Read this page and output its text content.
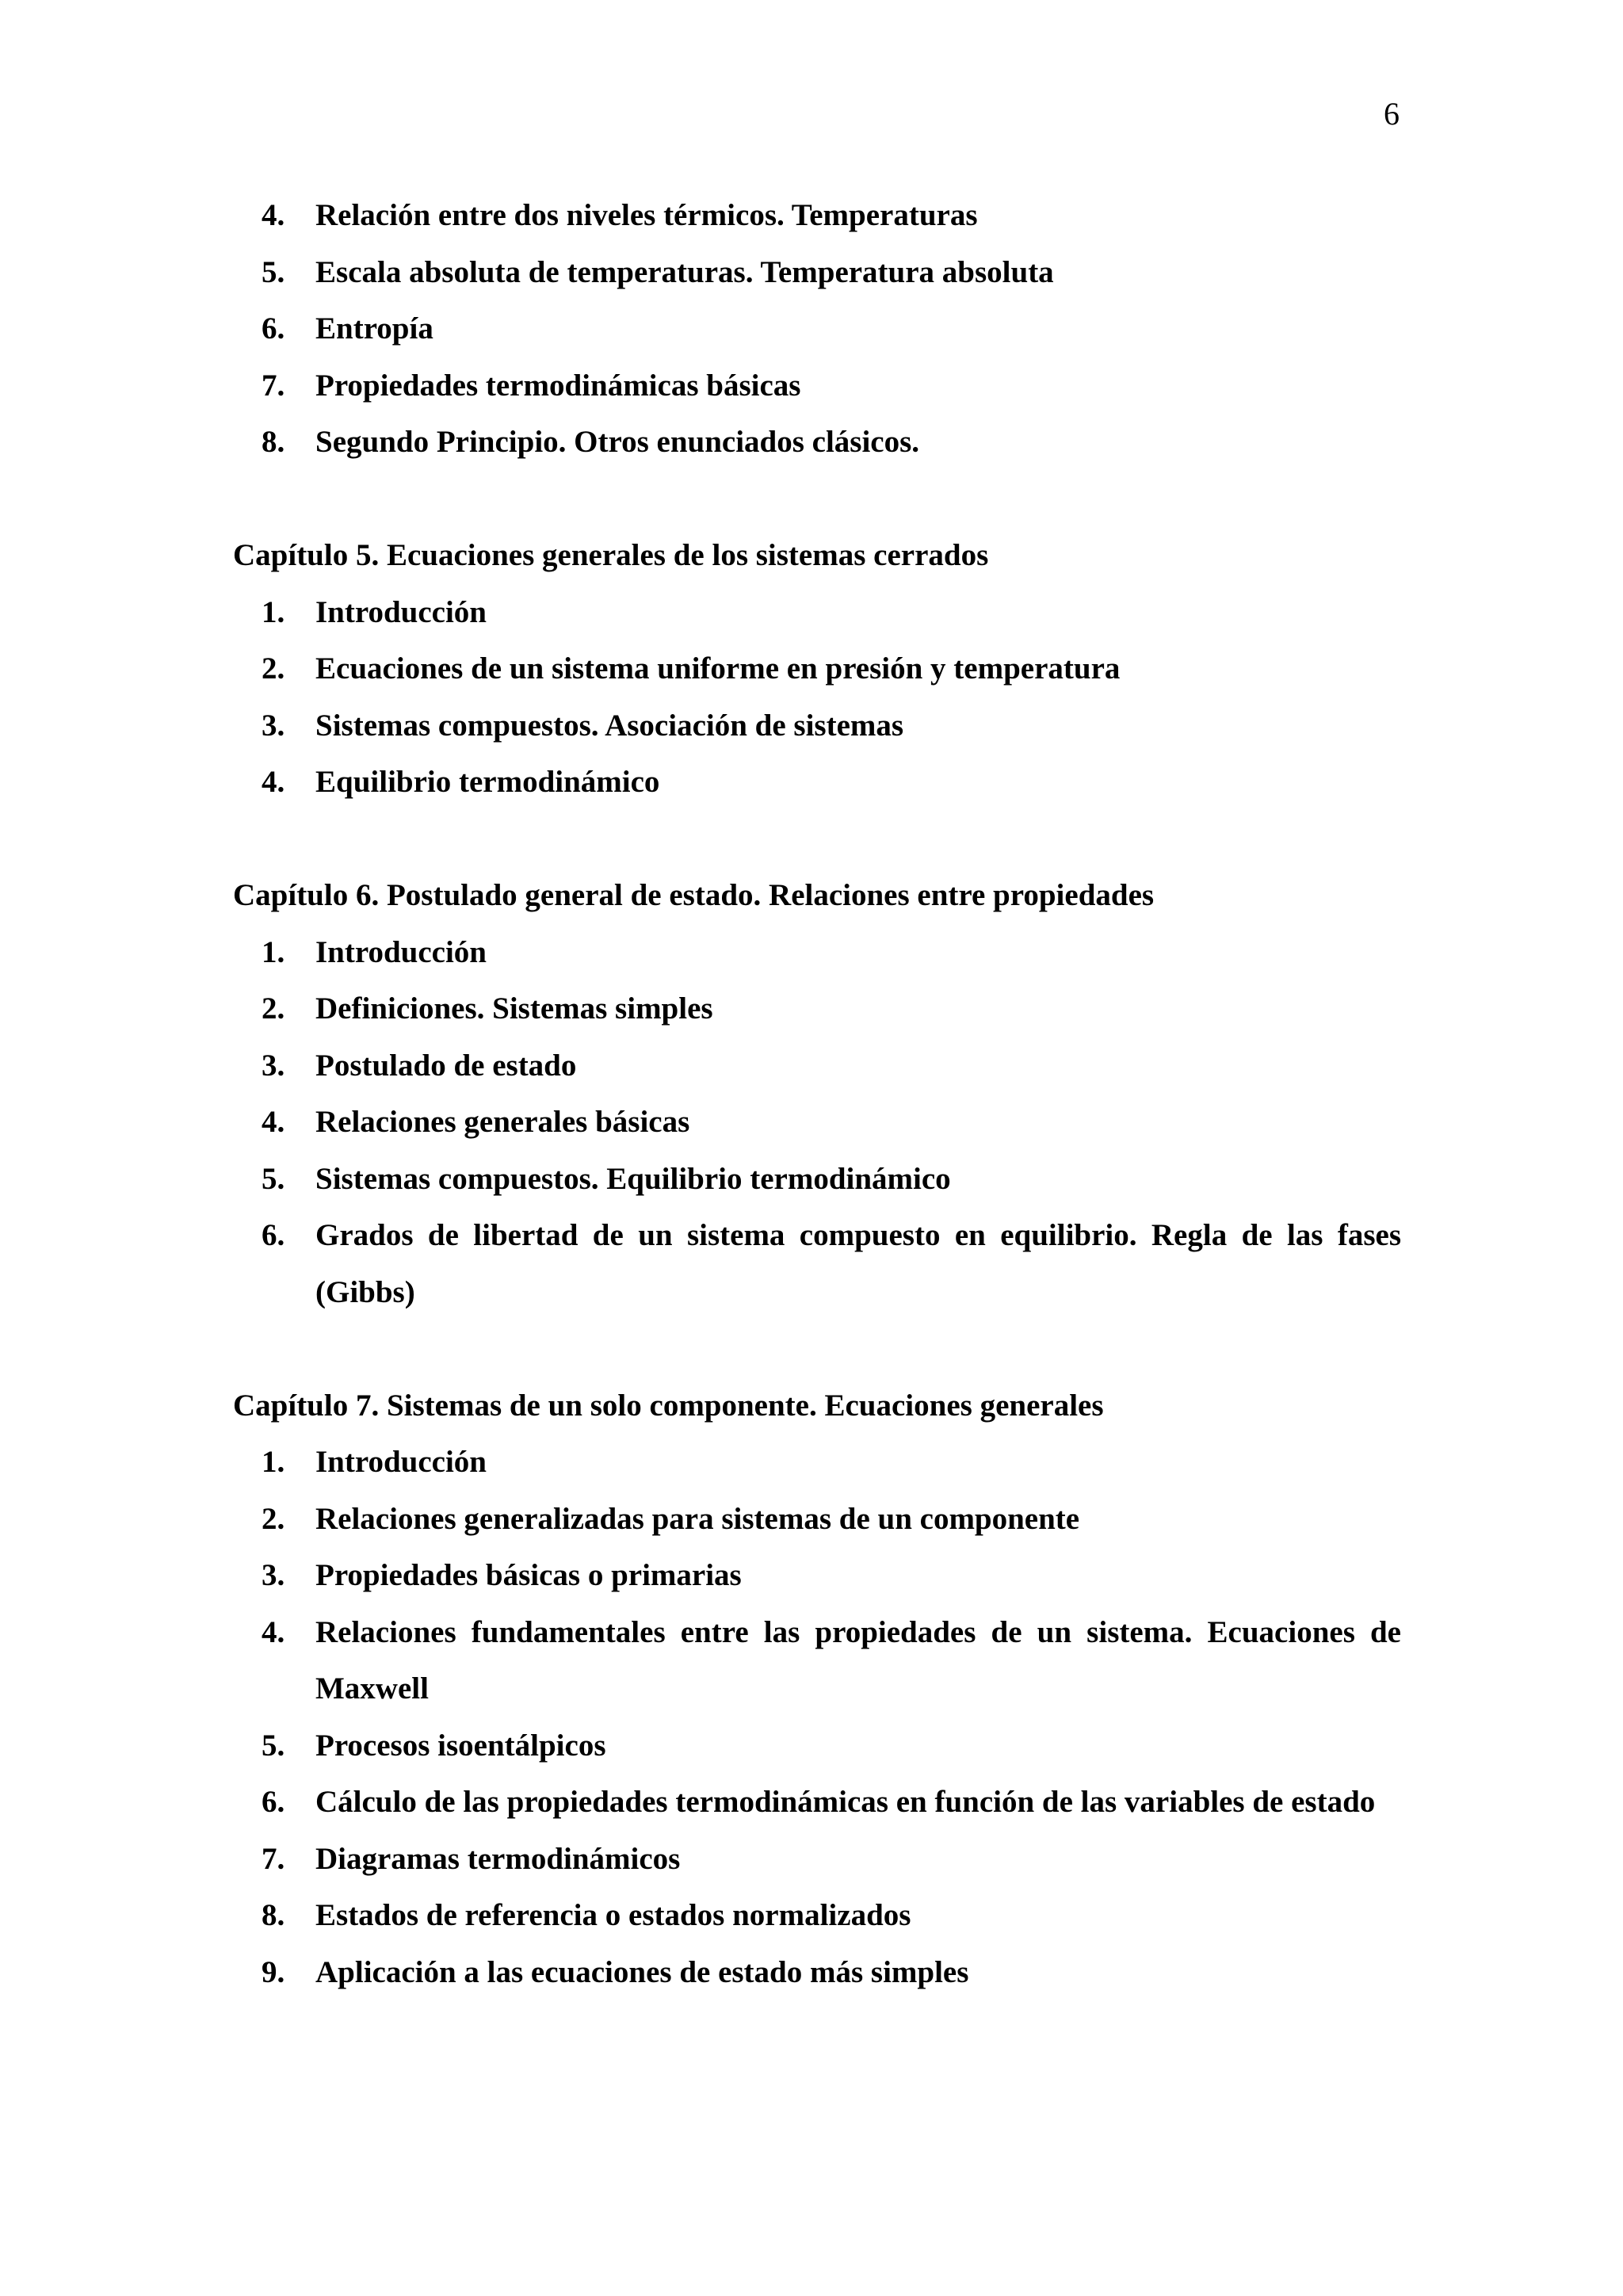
6
4. Relación entre dos niveles térmicos. Temperaturas
5. Escala absoluta de temperaturas. Temperatura absoluta
6. Entropía
7. Propiedades termodinámicas básicas
8. Segundo Principio. Otros enunciados clásicos.
Capítulo 5. Ecuaciones generales de los sistemas cerrados
1. Introducción
2. Ecuaciones de un sistema uniforme en presión y temperatura
3. Sistemas compuestos. Asociación de sistemas
4. Equilibrio termodinámico
Capítulo 6. Postulado general de estado. Relaciones entre propiedades
1. Introducción
2. Definiciones. Sistemas simples
3. Postulado de estado
4. Relaciones generales básicas
5. Sistemas compuestos. Equilibrio termodinámico
6. Grados de libertad de un sistema compuesto en equilibrio. Regla de las fases (Gibbs)
Capítulo 7. Sistemas de un solo componente. Ecuaciones generales
1. Introducción
2. Relaciones generalizadas para sistemas de un componente
3. Propiedades básicas o primarias
4. Relaciones fundamentales entre las propiedades de un sistema. Ecuaciones de Maxwell
5. Procesos isoentálpicos
6. Cálculo de las propiedades termodinámicas en función de las variables de estado
7. Diagramas termodinámicos
8. Estados de referencia o estados normalizados
9. Aplicación a las ecuaciones de estado más simples
